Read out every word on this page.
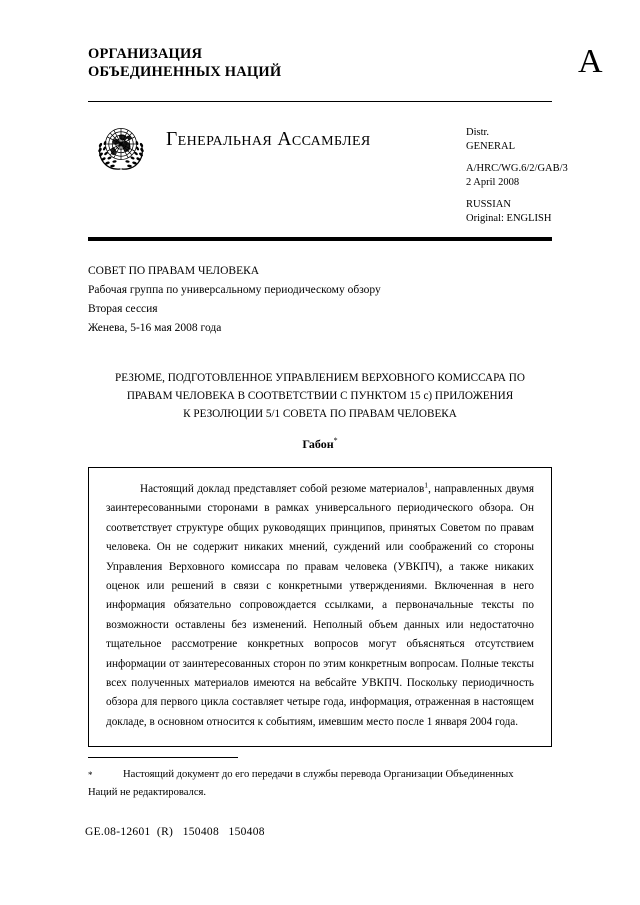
ОРГАНИЗАЦИЯ
ОБЪЕДИНЕННЫХ НАЦИЙ	A
Генеральная Ассамблея	Distr.
GENERAL
A/HRC/WG.6/2/GAB/3
2 April 2008
RUSSIAN
Original: ENGLISH
СОВЕТ ПО ПРАВАМ ЧЕЛОВЕКА
Рабочая группа по универсальному периодическому обзору
Вторая сессия
Женева, 5-16 мая 2008 года
РЕЗЮМЕ, ПОДГОТОВЛЕННОЕ УПРАВЛЕНИЕМ ВЕРХОВНОГО КОМИССАРА ПО
ПРАВАМ ЧЕЛОВЕКА В СООТВЕТСТВИИ С ПУНКТОМ 15 с) ПРИЛОЖЕНИЯ
К РЕЗОЛЮЦИИ 5/1 СОВЕТА ПО ПРАВАМ ЧЕЛОВЕКА
Габон*

Настоящий доклад представляет собой резюме материалов$^1$, направленных двумя заинтересованными сторонами в рамках универсального периодического обзора. Он соответствует структуре общих руководящих принципов, принятых Советом по правам человека. Он не содержит никаких мнений, суждений или соображений со стороны Управления Верховного комиссара по правам человека (УВКПЧ), а также никаких оценок или решений в связи с конкретными утверждениями. Включенная в него информация обязательно сопровождается ссылками, а первоначальные тексты по возможности оставлены без изменений. Неполный объем данных или недостаточно тщательное рассмотрение конкретных вопросов могут объясняться отсутствием информации от заинтересованных сторон по этим конкретным вопросам. Полные тексты всех полученных материалов имеются на вебсайте УВКПЧ. Поскольку периодичность обзора для первого цикла составляет четыре года, информация, отраженная в настоящем докладе, в основном относится к событиям, имевшим место после 1 января 2004 года.

*	Настоящий документ до его передачи в службы перевода Организации Объединенных Наций не редактировался.
GE.08-12601  (R)   150408   150408
